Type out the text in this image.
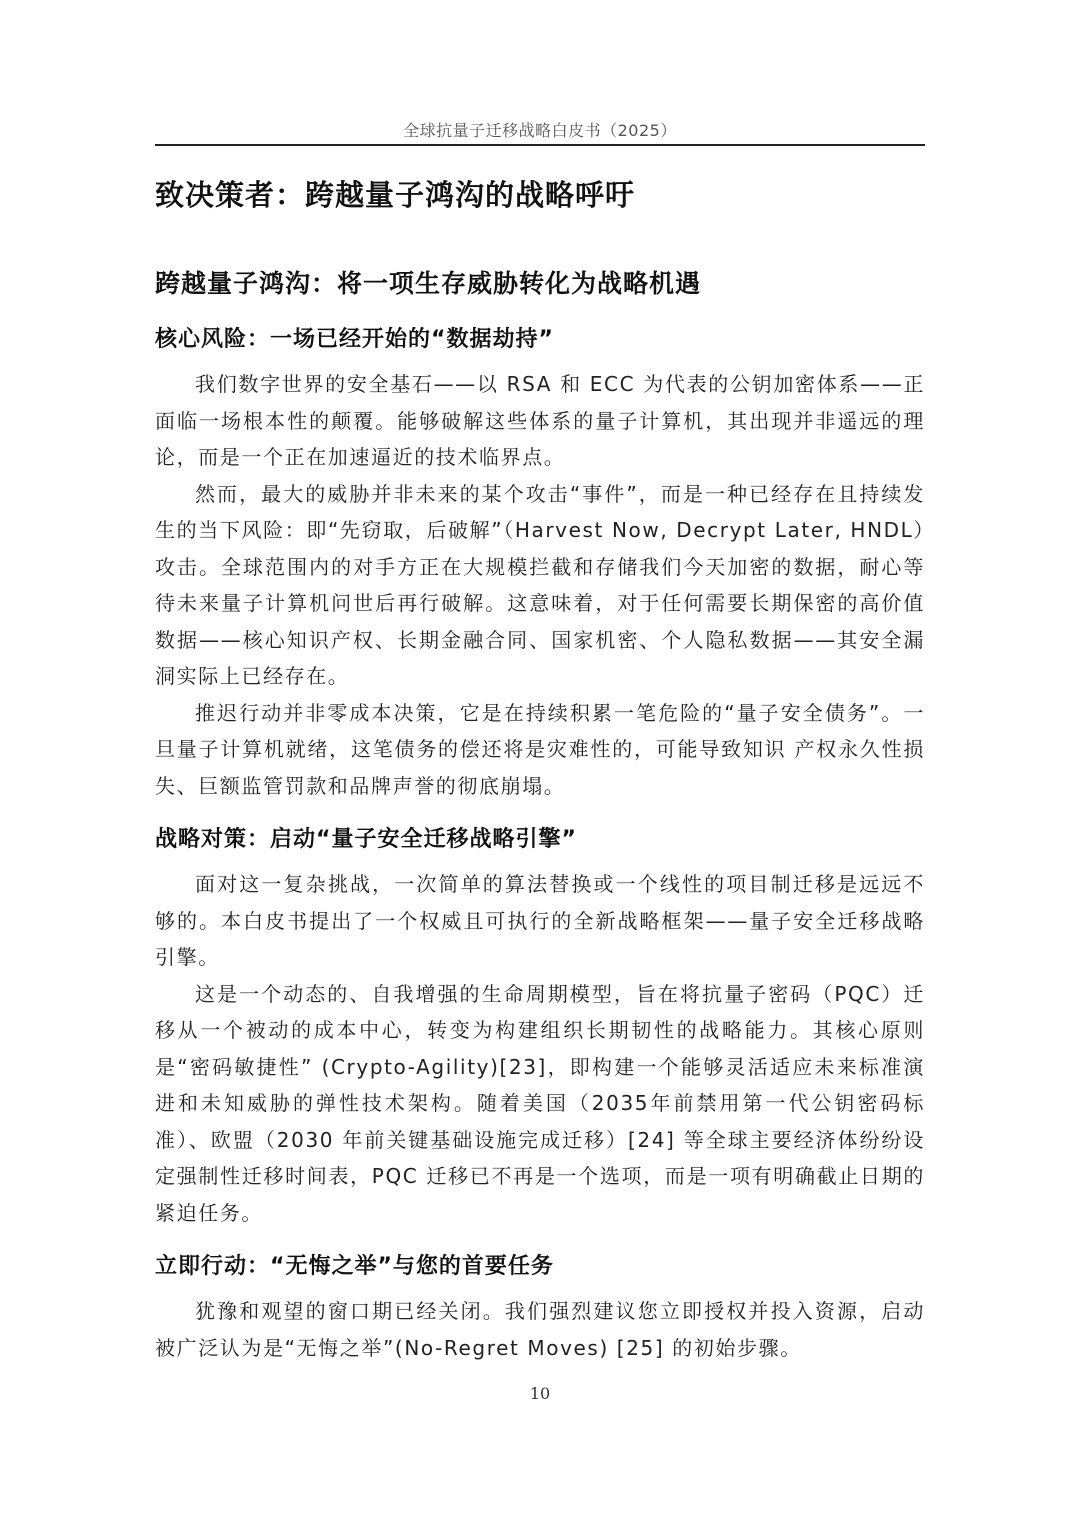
全球抗量子迁移战略白皮书（2025）
致决策者：跨越量子鸿沟的战略呼吁
跨越量子鸿沟：将一项生存威胁转化为战略机遇
核心风险：一场已经开始的“数据劫持”

我们数字世界的安全基石——以 RSA 和 ECC 为代表的公钥加密体系——正面临一场根本性的颠覆。能够破解这些体系的量子计算机，其出现并非遥远的理论，而是一个正在加速逼近的技术临界点。

然而，最大的威胁并非未来的某个攻击“事件”，而是一种已经存在且持续发生的当下风险：即“先窃取，后破解”（Harvest Now, Decrypt Later, HNDL）攻击。全球范围内的对手方正在大规模拦截和存储我们今天加密的数据，耐心等待未来量子计算机问世后再行破解。这意味着，对于任何需要长期保密的高价值数据——核心知识产权、长期金融合同、国家机密、个人隐私数据——其安全漏洞实际上已经存在。

推迟行动并非零成本决策，它是在持续积累一笔危险的“量子安全债务”。一旦量子计算机就绪，这笔债务的偿还将是灾难性的，可能导致知识 产权永久性损失、巨额监管罚款和品牌声誉的彻底崩塌。

战略对策：启动“量子安全迁移战略引擎”

面对这一复杂挑战，一次简单的算法替换或一个线性的项目制迁移是远远不够的。本白皮书提出了一个权威且可执行的全新战略框架——量子安全迁移战略引擎。

这是一个动态的、自我增强的生命周期模型，旨在将抗量子密码（PQC）迁移从一个被动的成本中心，转变为构建组织长期韧性的战略能力。其核心原则是“密码敏捷性” (Crypto-Agility)[23]，即构建一个能够灵活适应未来标准演进和未知威胁的弹性技术架构。随着美国（2035年前禁用第一代公钥密码标准）、欧盟（2030 年前关键基础设施完成迁移）[24] 等全球主要经济体纷纷设定强制性迁移时间表，PQC 迁移已不再是一个选项，而是一项有明确截止日期的紧迫任务。

立即行动：“无悔之举”与您的首要任务

犹豫和观望的窗口期已经关闭。我们强烈建议您立即授权并投入资源，启动被广泛认为是“无悔之举”(No-Regret Moves) [25] 的初始步骤。

10
